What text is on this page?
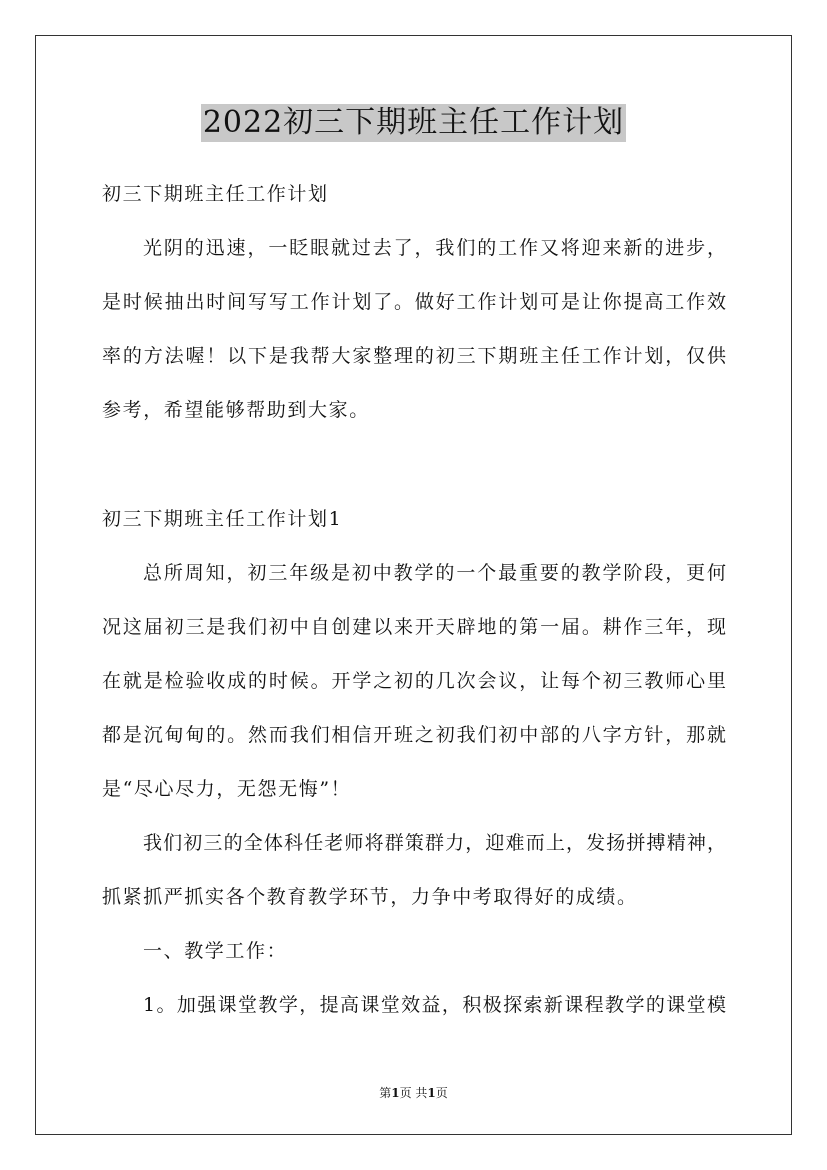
2022初三下期班主任工作计划
初三下期班主任工作计划
光阴的迅速，一眨眼就过去了，我们的工作又将迎来新的进步，
是时候抽出时间写写工作计划了。做好工作计划可是让你提高工作效
率的方法喔！以下是我帮大家整理的初三下期班主任工作计划，仅供
参考，希望能够帮助到大家。
初三下期班主任工作计划1
总所周知，初三年级是初中教学的一个最重要的教学阶段，更何
况这届初三是我们初中自创建以来开天辟地的第一届。耕作三年，现
在就是检验收成的时候。开学之初的几次会议，让每个初三教师心里
都是沉甸甸的。然而我们相信开班之初我们初中部的八字方针，那就
是“尽心尽力，无怨无悔”！
我们初三的全体科任老师将群策群力，迎难而上，发扬拼搏精神，
抓紧抓严抓实各个教育教学环节，力争中考取得好的成绩。
一、教学工作：
1。加强课堂教学，提高课堂效益，积极探索新课程教学的课堂模
第1页 共1页
